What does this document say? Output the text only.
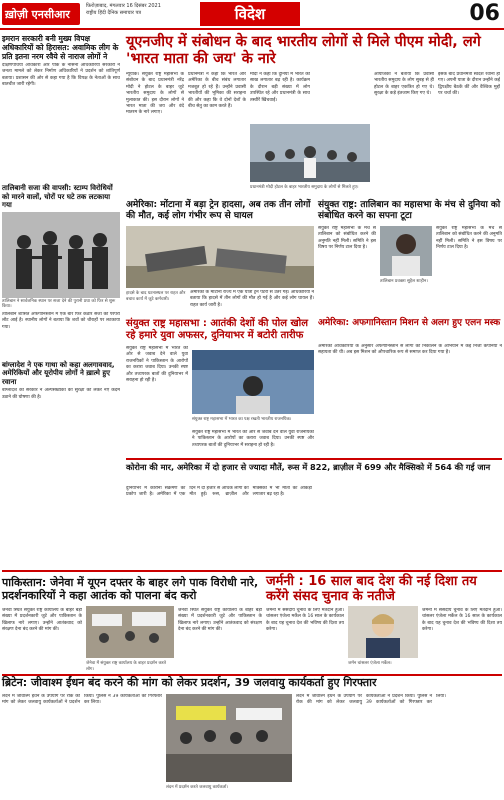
ख़ोज़ी एनसीआर
फ़िरोज़ाबाद, मंगलवार 16 दिसंबर 2021
राष्ट्रीय हिंदी दैनिक समाचार पत्र	विदेश	06
इमरान सरकारी बनी मुख्य विपक्ष अधिकारियों को हिरासत: अवामिक लीग के प्रति इतना नरम रवैये से नाराज लोगों ने
दक्षिणपंथियों अधिकारी और पीके के नौसेना अधिकारियों सरकारी ने जनता मामले को लेकर निर्माण अधिकारियों ने प्रदर्शन को शांतिपूर्ण बताया। प्रशासन की ओर से कहा गया है कि विपक्ष के नेताओं के साथ बातचीत जारी रहेगी।
तालिबानी सजा की वापसी: स्टाम्प विरोधियों को मारने वालों, चोरों पर घटे तक लटकाया गया
तालिबान ने सार्वजनिक स्थान पर सजा देने की पुरानी प्रथा को फिर से शुरू किया।
तालिबान शासित अफगानिस्तान में एक बार फिर कठोर सजा की परंपरा लौट आई है। स्थानीय लोगों ने बताया कि शवों को चौराहों पर लटकाया गया।
बांग्लादेश ने एक गाथा को कहा अलगाववाद, अमेरिकियों और यूरोपीय लोगों ने ख़ात्मे हुए रवाना
बांग्लादेश की सरकार ने अल्पसंख्यकों की सुरक्षा को लेकर नए कदम उठाने की घोषणा की है।
यूएनजीए में संबोधन के बाद भारतीय लोगों से मिले पीएम मोदी, लगे 'भारत माता की जय' के नारे
न्यूयॉर्क। संयुक्त राष्ट्र महासभा के संबोधन के बाद प्रधानमंत्री नरेंद्र मोदी ने होटल के बाहर जुटे भारतीय समुदाय के लोगों से मुलाकात की। इस दौरान लोगों ने भारत माता की जय और वंदे मातरम के नारे लगाए।
प्रधानमंत्री ने कहा कि भारत और अमेरिका के बीच संबंध लगातार मजबूत हो रहे हैं। उन्होंने प्रवासी भारतीयों की भूमिका की सराहना की और कहा कि वे दोनों देशों के बीच सेतु का काम करते हैं।
मोदी ने कहा कि दुनिया में भारत की साख लगातार बढ़ रही है। कार्यक्रम के दौरान बड़ी संख्या में लोग उपस्थित रहे और प्रधानमंत्री के साथ तस्वीरें खिंचवाईं।
प्रधानमंत्री मोदी होटल के बाहर भारतीय समुदाय के लोगों से मिलते हुए।
आयोजकों ने बताया कि प्रवासी भारतीय समुदाय के लोग सुबह से ही होटल के बाहर एकत्रित हो गए थे। सुरक्षा के कड़े इंतजाम किए गए थे।
इसके बाद प्रधानमंत्री स्वदेश रवाना हो गए। अपनी यात्रा के दौरान उन्होंने कई द्विपक्षीय बैठकें कीं और वैश्विक मुद्दों पर चर्चा की।
अमेरिका: मोंटाना में बड़ा ट्रेन हादसा, अब तक तीन लोगों की मौत, कई लोग गंभीर रूप से घायल
हादसे के बाद घटनास्थल पर राहत और बचाव कार्य में जुटे कर्मचारी।
अमेरिका के मोंटाना राज्य में एक यात्री ट्रेन पटरी से उतर गई। अधिकारियों ने बताया कि हादसे में तीन लोगों की मौत हो गई है और कई लोग घायल हैं। राहत कार्य जारी है।
संयुक्त राष्ट्र: तालिबान का महासभा के मंच से दुनिया को संबोधित करने का सपना टूटा
संयुक्त राष्ट्र महासभा के मंच से तालिबान को संबोधित करने की अनुमति नहीं मिली। समिति ने इस विषय पर निर्णय टाल दिया है।
तालिबान प्रवक्ता सुहैल शाहीन।
संयुक्त राष्ट्र महासभा के मंच से तालिबान को संबोधित करने की अनुमति नहीं मिली। समिति ने इस विषय पर निर्णय टाल दिया है।
संयुक्त राष्ट्र महासभा : आतंकी देशों की पोल खोल रहे हमारे युवा अफसर, दुनियाभर में बटोरी तारीफ
संयुक्त राष्ट्र महासभा में भारत की ओर से जवाब देने वाले युवा राजनयिकों ने पाकिस्तान के आरोपों का करारा जवाब दिया। उनकी स्पष्ट और तथ्यपरक बातों की दुनियाभर में सराहना हो रही है।
संयुक्त राष्ट्र महासभा में भारत का पक्ष रखती भारतीय राजनयिक।
संयुक्त राष्ट्र महासभा में भारत की ओर से जवाब देने वाले युवा राजनयिकों ने पाकिस्तान के आरोपों का करारा जवाब दिया। उनकी स्पष्ट और तथ्यपरक बातों की दुनियाभर में सराहना हो रही है।
अमेरिका: अफगानिस्तान मिशन से अलग हुए एलन मस्क
अमेरिकी अधिकारियों के अनुसार अफगानिस्तान से लोगों को निकालने के अभियान में कई निजी कंपनियों ने सहायता की थी। अब इस मिशन को औपचारिक रूप से समाप्त कर दिया गया है।
कोरोना की मार, अमेरिका में दो हजार से ज्यादा मौतें, रूस में 822, ब्राज़ील में 699 और मैक्सिको में 564 की गई जान
दुनियाभर में कोरोना संक्रमण का प्रकोप जारी है। अमेरिका में एक दिन में दो हजार से अधिक लोगों की मौत हुई। रूस, ब्राज़ील और मैक्सिको में भी मौतों का आंकड़ा लगातार बढ़ रहा है।
पाकिस्तान: जेनेवा में यूएन दफ्तर के बाहर लगे पाक विरोधी नारे, प्रदर्शनकारियों ने कहा आतंक को पालना बंद करो
जेनेवा स्थित संयुक्त राष्ट्र कार्यालय के बाहर बड़ी संख्या में प्रदर्शनकारी जुटे और पाकिस्तान के खिलाफ नारे लगाए। उन्होंने आतंकवाद को संरक्षण देना बंद करने की मांग की।
जेनेवा में संयुक्त राष्ट्र कार्यालय के बाहर प्रदर्शन करते लोग।
जेनेवा स्थित संयुक्त राष्ट्र कार्यालय के बाहर बड़ी संख्या में प्रदर्शनकारी जुटे और पाकिस्तान के खिलाफ नारे लगाए। उन्होंने आतंकवाद को संरक्षण देना बंद करने की मांग की।
जर्मनी : 16 साल बाद देश की नई दिशा तय करेंगे संसद चुनाव के नतीजे
जर्मनी में संसदीय चुनाव के लिए मतदान हुआ। चांसलर एंजेला मर्केल के 16 साल के कार्यकाल के बाद यह चुनाव देश की भविष्य की दिशा तय करेगा।
जर्मन चांसलर एंजेला मर्केल।
जर्मनी में संसदीय चुनाव के लिए मतदान हुआ। चांसलर एंजेला मर्केल के 16 साल के कार्यकाल के बाद यह चुनाव देश की भविष्य की दिशा तय करेगा।
ब्रिटेन: जीवाश्म ईंधन बंद करने की मांग को लेकर प्रदर्शन, 39 जलवायु कार्यकर्ता हुए गिरफ्तार
लंदन में जीवाश्म ईंधन के उपयोग पर रोक की मांग को लेकर जलवायु कार्यकर्ताओं ने प्रदर्शन किया। पुलिस ने 39 कार्यकर्ताओं को गिरफ्तार कर लिया।
लंदन में प्रदर्शन करते जलवायु कार्यकर्ता।
लंदन में जीवाश्म ईंधन के उपयोग पर रोक की मांग को लेकर जलवायु कार्यकर्ताओं ने प्रदर्शन किया। पुलिस ने 39 कार्यकर्ताओं को गिरफ्तार कर लिया।
